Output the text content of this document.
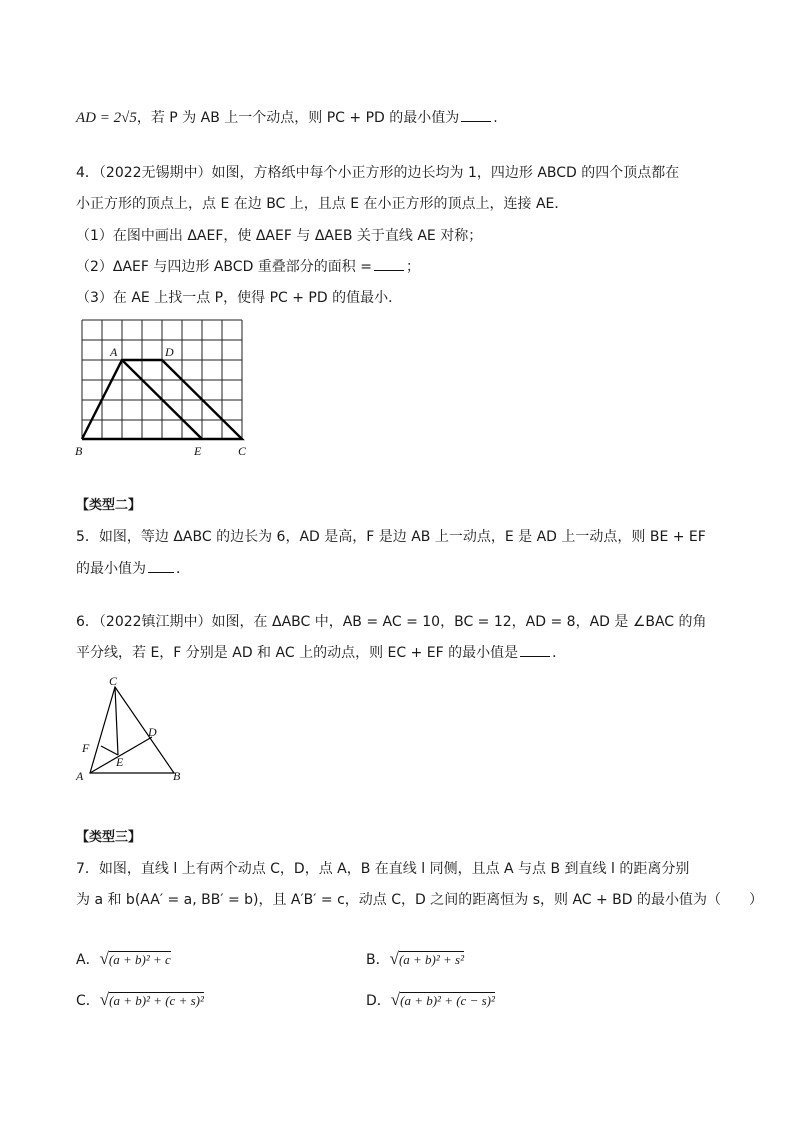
AD = 2√5，若 P 为 AB 上一个动点，则 PC + PD 的最小值为 .
4．（2022无锡期中）如图，方格纸中每个小正方形的边长均为 1，四边形 ABCD 的四个顶点都在
小正方形的顶点上，点 E 在边 BC 上，且点 E 在小正方形的顶点上，连接 AE．
（1）在图中画出 ΔAEF，使 ΔAEF 与 ΔAEB 关于直线 AE 对称；
（2）ΔAEF 与四边形 ABCD 重叠部分的面积 = ；
（3）在 AE 上找一点 P，使得 PC + PD 的值最小．
A	D
B	E	C
【类型二】
5．如图，等边 ΔABC 的边长为 6，AD 是高，F 是边 AB 上一动点，E 是 AD 上一动点，则 BE + EF
的最小值为 ．
6．（2022镇江期中）如图，在 ΔABC 中，AB = AC = 10，BC = 12，AD = 8，AD 是 ∠BAC 的角
平分线，若 E，F 分别是 AD 和 AC 上的动点，则 EC + EF 的最小值是 ．
C
D
F
E
A	B
【类型三】
7．如图，直线 l 上有两个动点 C，D，点 A，B 在直线 l 同侧，且点 A 与点 B 到直线 l 的距离分别
为 a 和 b(AA′ = a, BB′ = b)，且 A′B′ = c，动点 C，D 之间的距离恒为 s，则 AC + BD 的最小值为（　　）
A．√(a + b)² + c	B．√(a + b)² + s²
C．√(a + b)² + (c + s)²	D．√(a + b)² + (c − s)²
